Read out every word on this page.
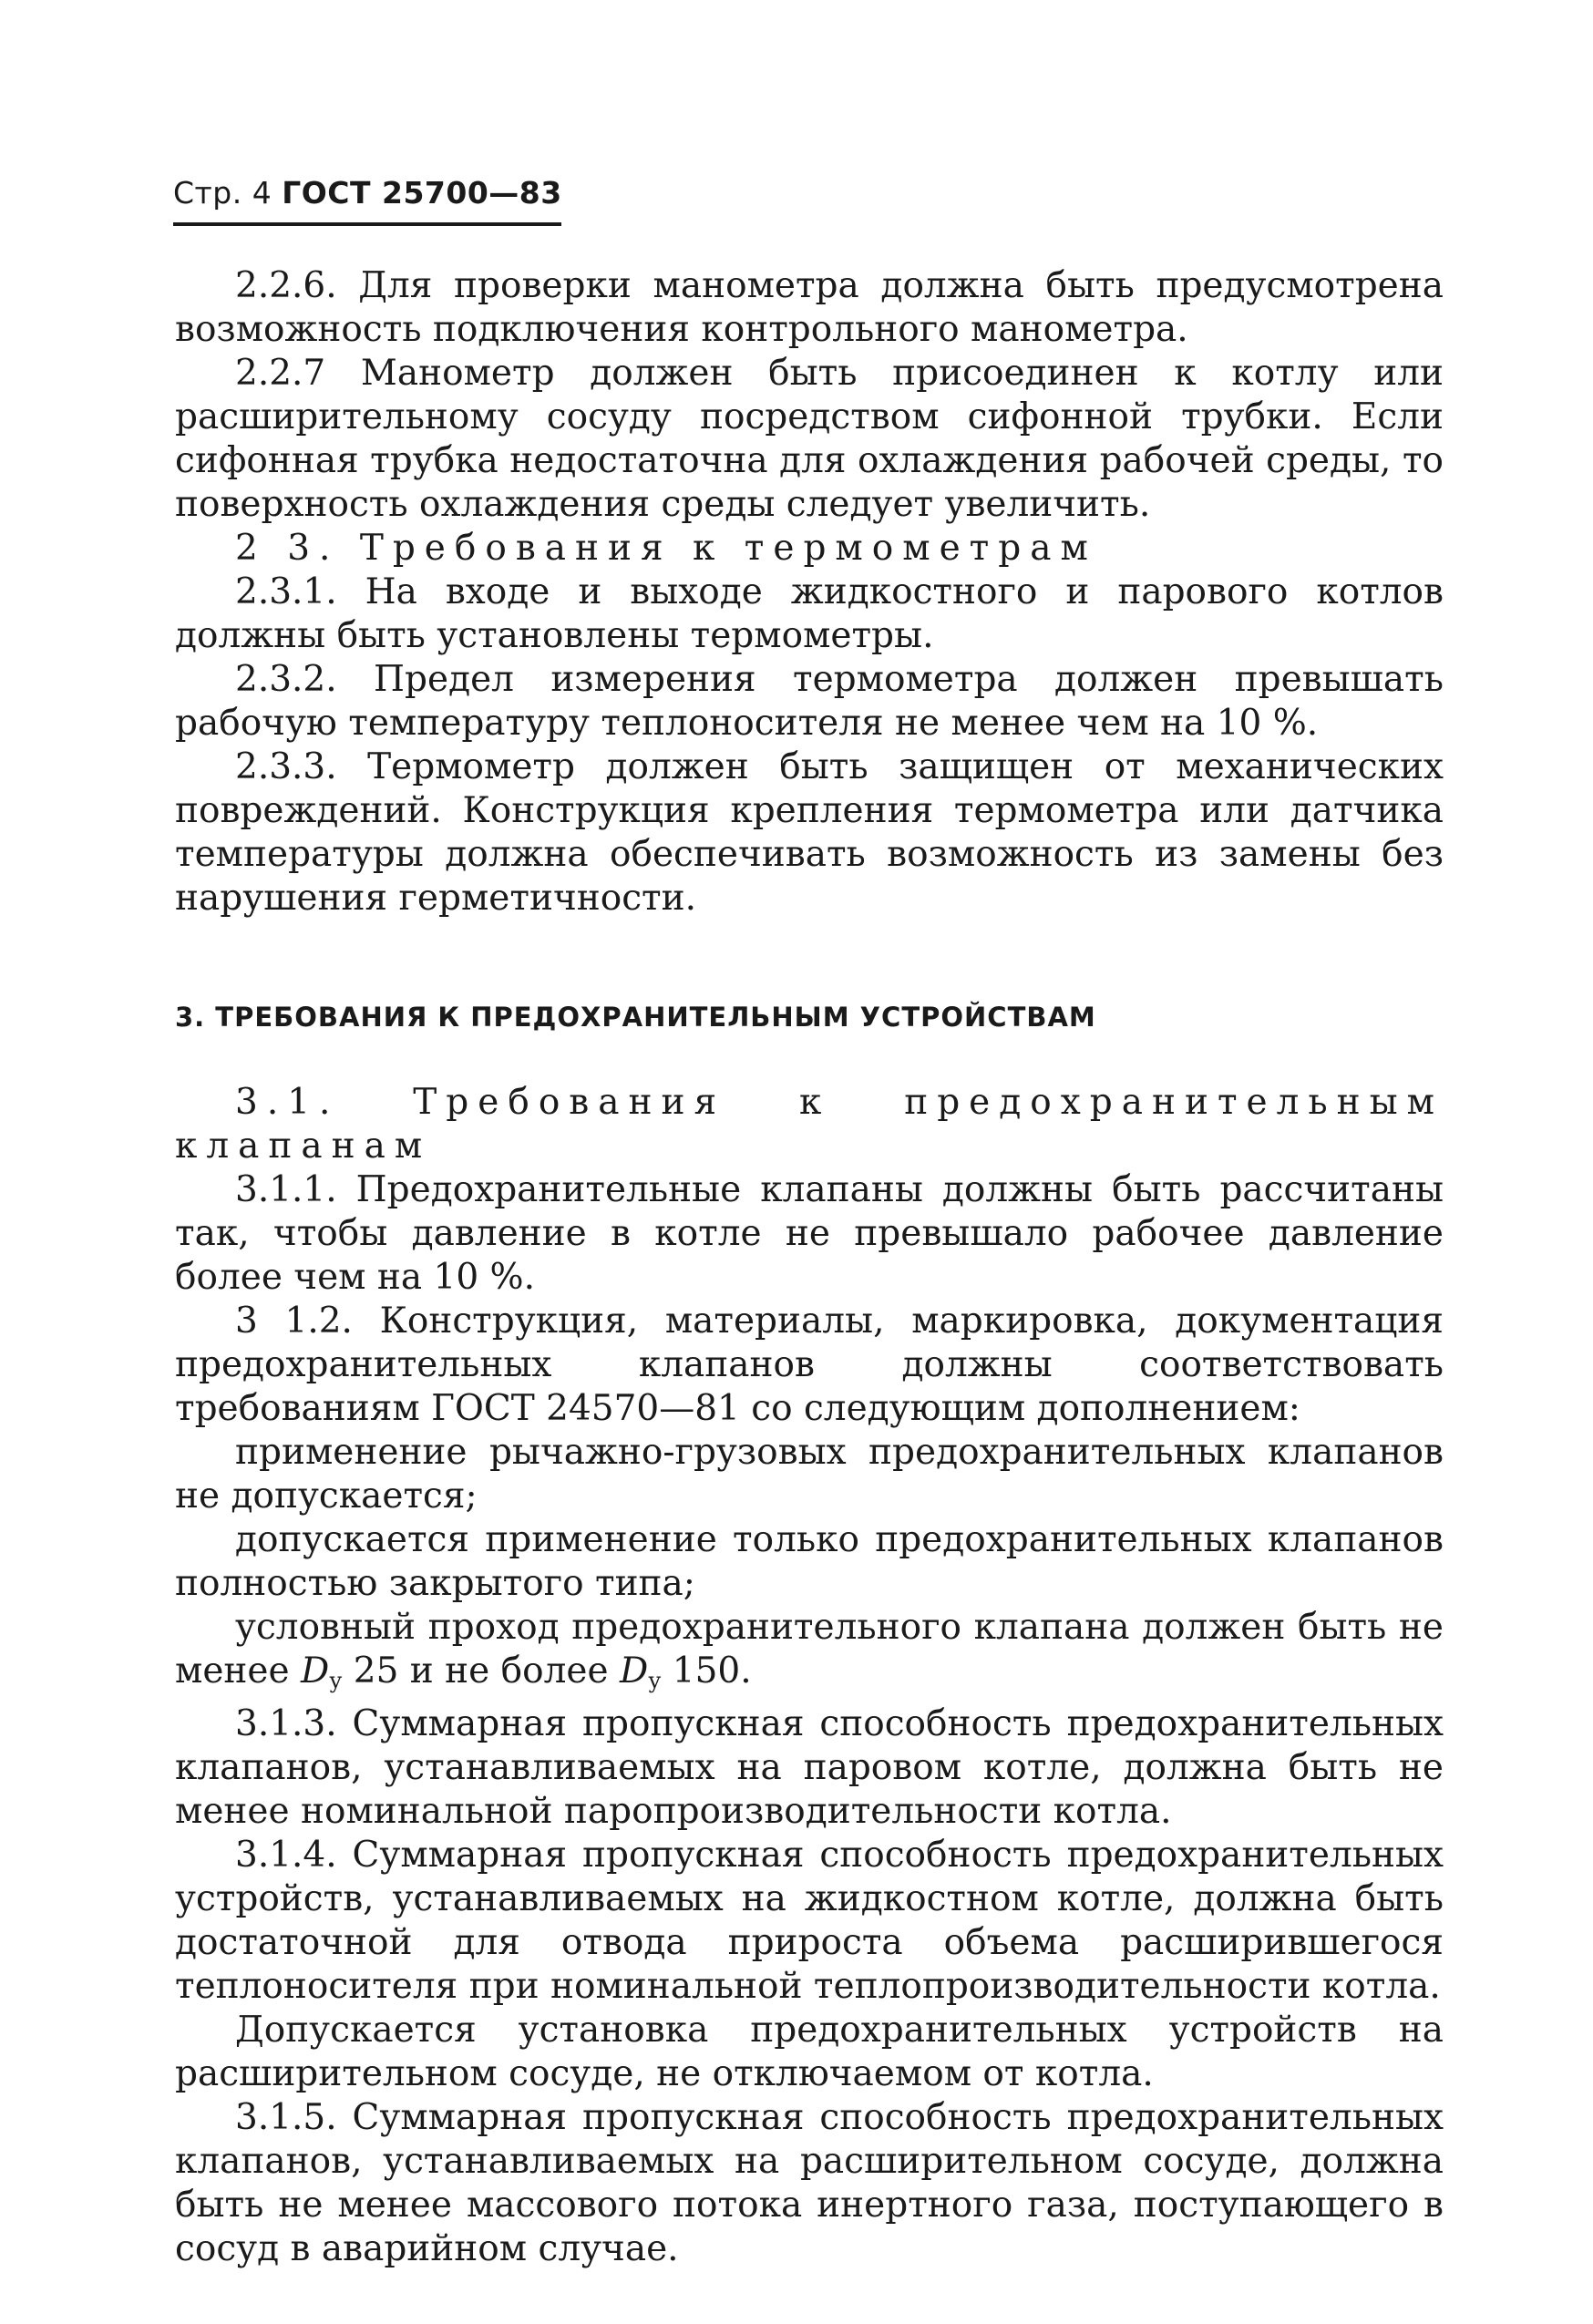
Стр. 4 ГОСТ 25700—83

2.2.6. Для проверки манометра должна быть предусмотрена возможность подключения контрольного манометра.

2.2.7 Манометр должен быть присоединен к котлу или расширительному сосуду посредством сифонной трубки. Если сифонная трубка недостаточна для охлаждения рабочей среды, то поверхность охлаждения среды следует увеличить.

2 3. Требования к термометрам

2.3.1. На входе и выходе жидкостного и парового котлов должны быть установлены термометры.

2.3.2. Предел измерения термометра должен превышать рабочую температуру теплоносителя не менее чем на 10 %.

2.3.3. Термометр должен быть защищен от механических повреждений. Конструкция крепления термометра или датчика температуры должна обеспечивать возможность из замены без нарушения герметичности.

3. ТРЕБОВАНИЯ К ПРЕДОХРАНИТЕЛЬНЫМ УСТРОЙСТВАМ

3.1. Требования к предохранительным клапанам

3.1.1. Предохранительные клапаны должны быть рассчитаны так, чтобы давление в котле не превышало рабочее давление более чем на 10 %.

3 1.2. Конструкция, материалы, маркировка, документация предохранительных клапанов должны соответствовать требованиям ГОСТ 24570—81 со следующим дополнением:

применение рычажно-грузовых предохранительных клапанов не допускается;

допускается применение только предохранительных клапанов полностью закрытого типа;

условный проход предохранительного клапана должен быть не менее $D_у$ 25 и не более $D_у$ 150.

3.1.3. Суммарная пропускная способность предохранительных клапанов, устанавливаемых на паровом котле, должна быть не менее номинальной паропроизводительности котла.

3.1.4. Суммарная пропускная способность предохранительных устройств, устанавливаемых на жидкостном котле, должна быть достаточной для отвода прироста объема расширившегося теплоносителя при номинальной теплопроизводительности котла.

Допускается установка предохранительных устройств на расширительном сосуде, не отключаемом от котла.

3.1.5. Суммарная пропускная способность предохранительных клапанов, устанавливаемых на расширительном сосуде, должна быть не менее массового потока инертного газа, поступающего в сосуд в аварийном случае.
